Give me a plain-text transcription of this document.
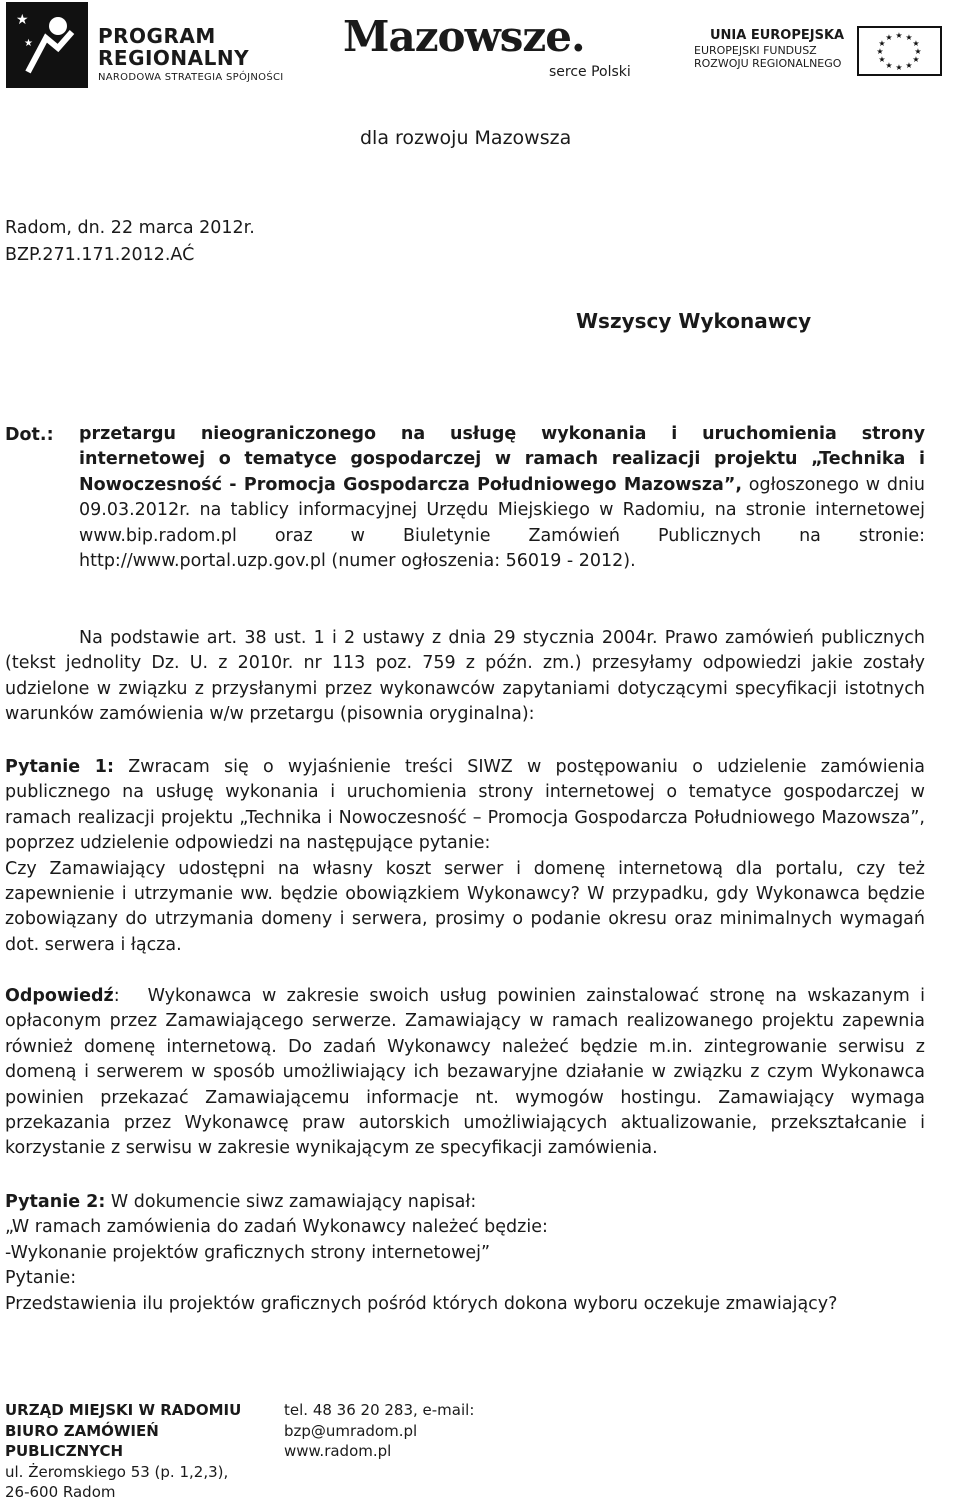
★
★	PROGRAM
REGIONALNY
NARODOWA STRATEGIA SPÓJNOŚCI
Mazowsze.
serce Polski
UNIA EUROPEJSKA
EUROPEJSKI FUNDUSZ
ROZWOJU REGIONALNEGO
★ ★
★
★
★
★
★
★
★
★
★
★
dla rozwoju Mazowsza
Radom, dn. 22 marca 2012r.
BZP.271.171.2012.AĆ
Wszyscy Wykonawcy
Dot.: przetargu nieograniczonego na usługę wykonania i uruchomienia strony internetowej o tematyce gospodarczej w ramach realizacji projektu „Technika i Nowoczesność - Promocja Gospodarcza Południowego Mazowsza”, ogłoszonego w dniu 09.03.2012r. na tablicy informacyjnej Urzędu Miejskiego w Radomiu, na stronie internetowej www.bip.radom.pl oraz w Biuletynie Zamówień Publicznych na stronie: http://www.portal.uzp.gov.pl (numer ogłoszenia: 56019 - 2012).

Na podstawie art. 38 ust. 1 i 2 ustawy z dnia 29 stycznia 2004r. Prawo zamówień publicznych (tekst jednolity Dz. U. z 2010r. nr 113 poz. 759 z późn. zm.) przesyłamy odpowiedzi jakie zostały udzielone w związku z przysłanymi przez wykonawców zapytaniami dotyczącymi specyfikacji istotnych warunków zamówienia w/w przetargu (pisownia oryginalna):

Pytanie 1: Zwracam się o wyjaśnienie treści SIWZ w postępowaniu o udzielenie zamówienia publicznego na usługę wykonania i uruchomienia strony internetowej o tematyce gospodarczej w ramach realizacji projektu „Technika i Nowoczesność – Promocja Gospodarcza Południowego Mazowsza”, poprzez udzielenie odpowiedzi na następujące pytanie:

Czy Zamawiający udostępni na własny koszt serwer i domenę internetową dla portalu, czy też zapewnienie i utrzymanie ww. będzie obowiązkiem Wykonawcy? W przypadku, gdy Wykonawca będzie zobowiązany do utrzymania domeny i serwera, prosimy o podanie okresu oraz minimalnych wymagań dot. serwera i łącza.

Odpowiedź: Wykonawca w zakresie swoich usług powinien zainstalować stronę na wskazanym i opłaconym przez Zamawiającego serwerze. Zamawiający w ramach realizowanego projektu zapewnia również domenę internetową. Do zadań Wykonawcy należeć będzie m.in. zintegrowanie serwisu z domeną i serwerem w sposób umożliwiający ich bezawaryjne działanie w związku z czym Wykonawca powinien przekazać Zamawiającemu informacje nt. wymogów hostingu. Zamawiający wymaga przekazania przez Wykonawcę praw autorskich umożliwiających aktualizowanie, przekształcanie i korzystanie z serwisu w zakresie wynikającym ze specyfikacji zamówienia.

Pytanie 2: W dokumencie siwz zamawiający napisał:

„W ramach zamówienia do zadań Wykonawcy należeć będzie:

-Wykonanie projektów graficznych strony internetowej”

Pytanie:

Przedstawienia ilu projektów graficznych pośród których dokona wyboru oczekuje zmawiający?

URZĄD MIEJSKI W RADOMIU
BIURO ZAMÓWIEŃ
PUBLICZNYCH
ul. Żeromskiego 53 (p. 1,2,3),
26-600 Radom
tel. 48 36 20 283, e-mail:
bzp@umradom.pl
www.radom.pl
